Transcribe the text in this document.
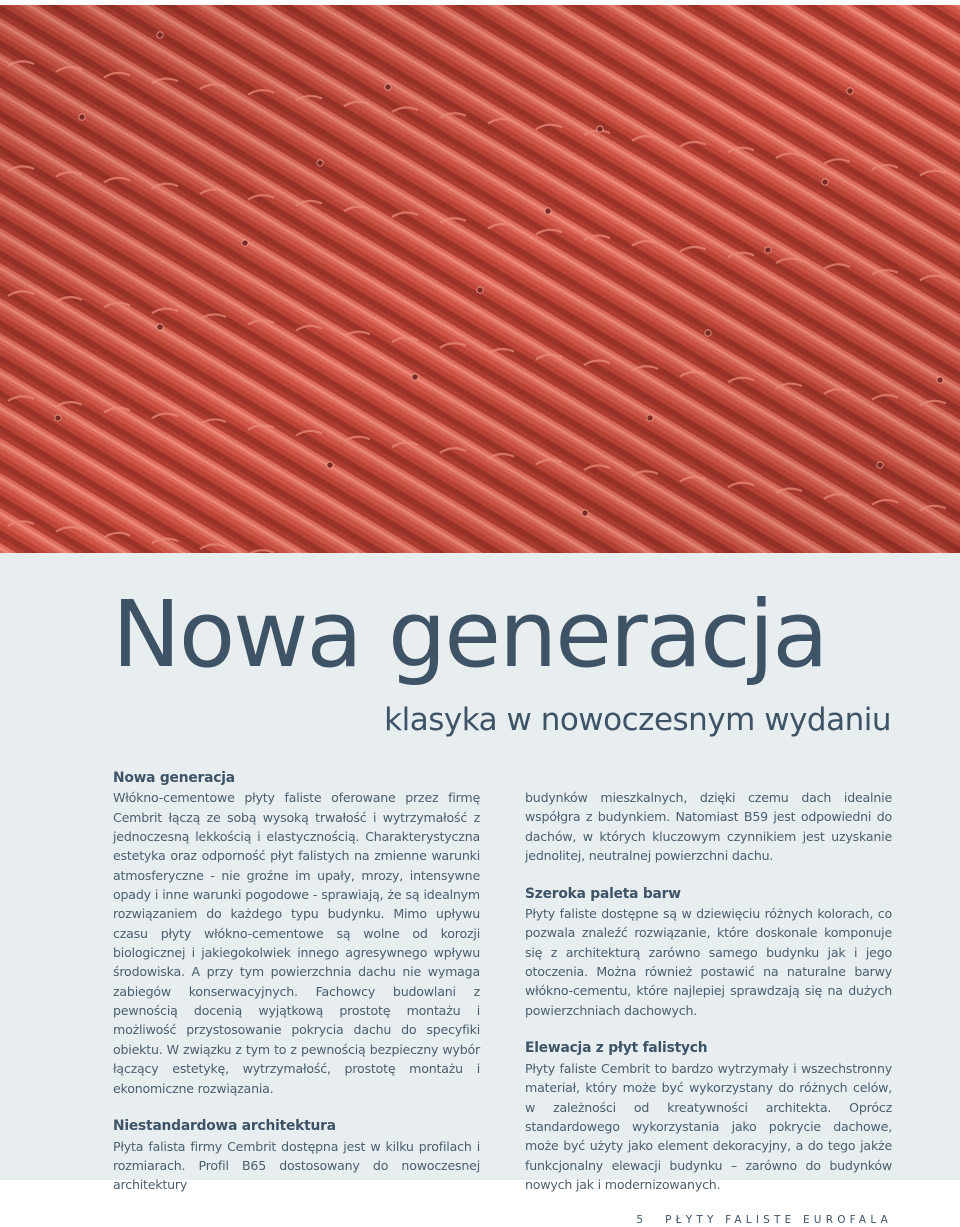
Nowa generacja
klasyka w nowoczesnym wydaniu
Nowa generacja

Włókno-cementowe płyty faliste oferowane przez firmę Cembrit łączą ze sobą wysoką trwałość i wytrzymałość z jednoczesną lekkością i elastycznością. Charakterystyczna estetyka oraz odporność płyt falistych na zmienne warunki atmosferyczne - nie groźne im upały, mrozy, intensywne opady i inne warunki pogodowe - sprawiają, że są idealnym rozwiązaniem do każdego typu budynku. Mimo upływu czasu płyty włókno-cementowe są wolne od korozji biologicznej i jakiegokolwiek innego agresywnego wpływu środowiska. A przy tym powierzchnia dachu nie wymaga zabiegów konserwacyjnych. Fachowcy budowlani z pewnością docenią wyjątkową prostotę montażu i możliwość przystosowanie pokrycia dachu do specyfiki obiektu. W związku z tym to z pewnością bezpieczny wybór łączący estetykę, wytrzymałość, prostotę montażu i ekonomiczne rozwiązania.

Niestandardowa architektura

Płyta falista firmy Cembrit dostępna jest w kilku profilach i rozmiarach. Profil B65 dostosowany do nowoczesnej architektury

budynków mieszkalnych, dzięki czemu dach idealnie współgra z budynkiem. Natomiast B59 jest odpowiedni do dachów, w których kluczowym czynnikiem jest uzyskanie jednolitej, neutralnej powierzchni dachu.

Szeroka paleta barw

Płyty faliste dostępne są w dziewięciu różnych kolorach, co pozwala znaleźć rozwiązanie, które doskonale komponuje się z architekturą zarówno samego budynku jak i jego otoczenia. Można również postawić na naturalne barwy włókno-cementu, które najlepiej sprawdzają się na dużych powierzchniach dachowych.

Elewacja z płyt falistych

Płyty faliste Cembrit to bardzo wytrzymały i wszechstronny materiał, który może być wykorzystany do różnych celów, w zależności od kreatywności architekta. Oprócz standardowego wykorzystania jako pokrycie dachowe, może być użyty jako element dekoracyjny, a do tego jakże funkcjonalny elewacji budynku – zarówno do budynków nowych jak i modernizowanych.

5 PŁYTY FALISTE EUROFALA
